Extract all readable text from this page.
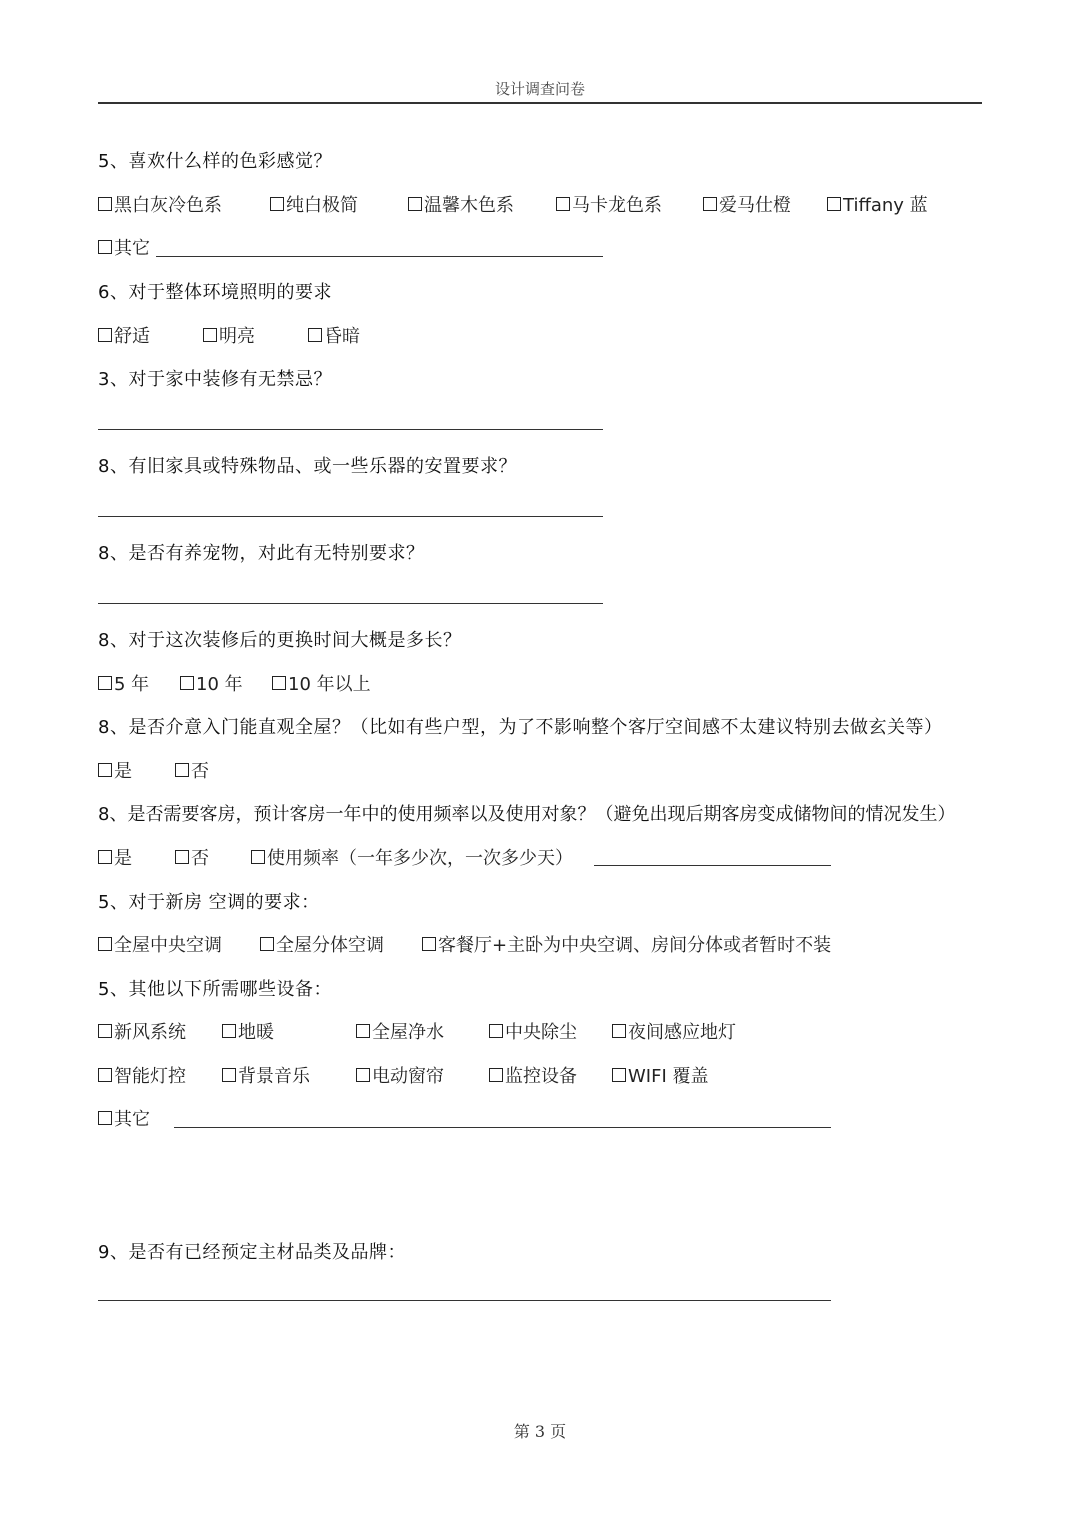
设计调查问卷
5、喜欢什么样的色彩感觉？
黑白灰冷色系	纯白极简	温馨木色系	马卡龙色系	爱马仕橙	Tiffany 蓝
其它
6、对于整体环境照明的要求
舒适	明亮	昏暗
3、对于家中装修有无禁忌？
8、有旧家具或特殊物品、或一些乐器的安置要求？
8、是否有养宠物，对此有无特别要求？
8、对于这次装修后的更换时间大概是多长？
5 年	10 年	10 年以上
8、是否介意入门能直观全屋？（比如有些户型，为了不影响整个客厅空间感不太建议特别去做玄关等）
是	否
8、是否需要客房，预计客房一年中的使用频率以及使用对象？（避免出现后期客房变成储物间的情况发生）
是	否	使用频率（一年多少次，一次多少天）
5、对于新房 空调的要求：
全屋中央空调	全屋分体空调	客餐厅+主卧为中央空调、房间分体或者暂时不装
5、其他以下所需哪些设备：
新风系统	地暖	全屋净水	中央除尘	夜间感应地灯
智能灯控	背景音乐	电动窗帘	监控设备	WIFI 覆盖
其它
9、是否有已经预定主材品类及品牌：
第 3 页
